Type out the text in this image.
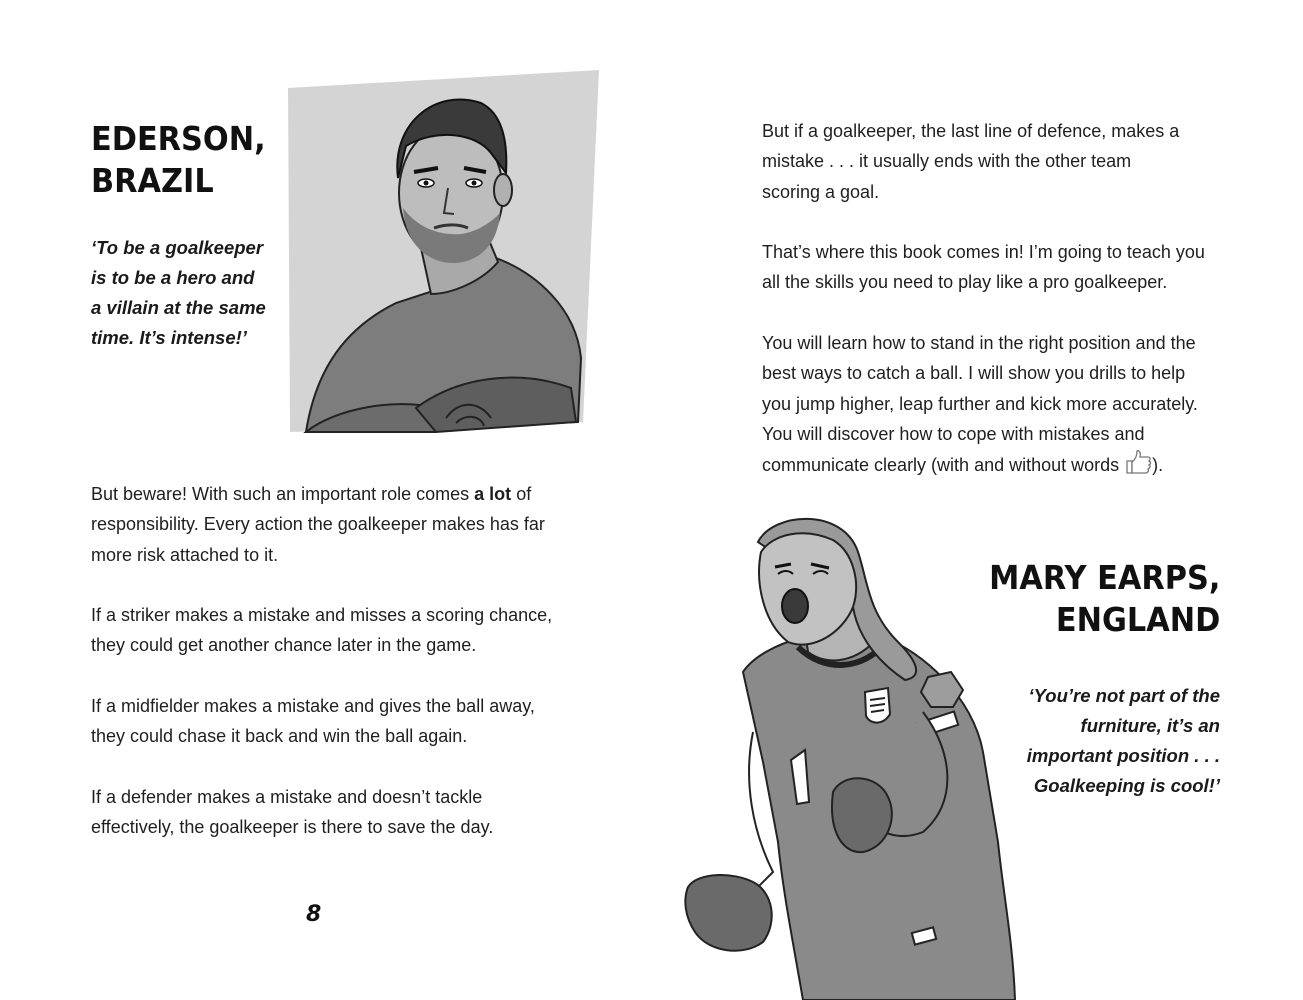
EDERSON,
BRAZIL

‘To be a goalkeeper
is to be a hero and
a villain at the same
time. It’s intense!’

But beware! With such an important role comes a lot of
responsibility. Every action the goalkeeper makes has far
more risk attached to it.

If a striker makes a mistake and misses a scoring chance,
they could get another chance later in the game.

If a midfielder makes a mistake and gives the ball away,
they could chase it back and win the ball again.

If a defender makes a mistake and doesn’t tackle
effectively, the goalkeeper is there to save the day.

8

But if a goalkeeper, the last line of defence, makes a
mistake . . . it usually ends with the other team
scoring a goal.

That’s where this book comes in! I’m going to teach you
all the skills you need to play like a pro goalkeeper.

You will learn how to stand in the right position and the
best ways to catch a ball. I will show you drills to help
you jump higher, leap further and kick more accurately.
You will discover how to cope with mistakes and
communicate clearly (with and without words ).

MARY EARPS,
ENGLAND

‘You’re not part of the
furniture, it’s an
important position . . .
Goalkeeping is cool!’
